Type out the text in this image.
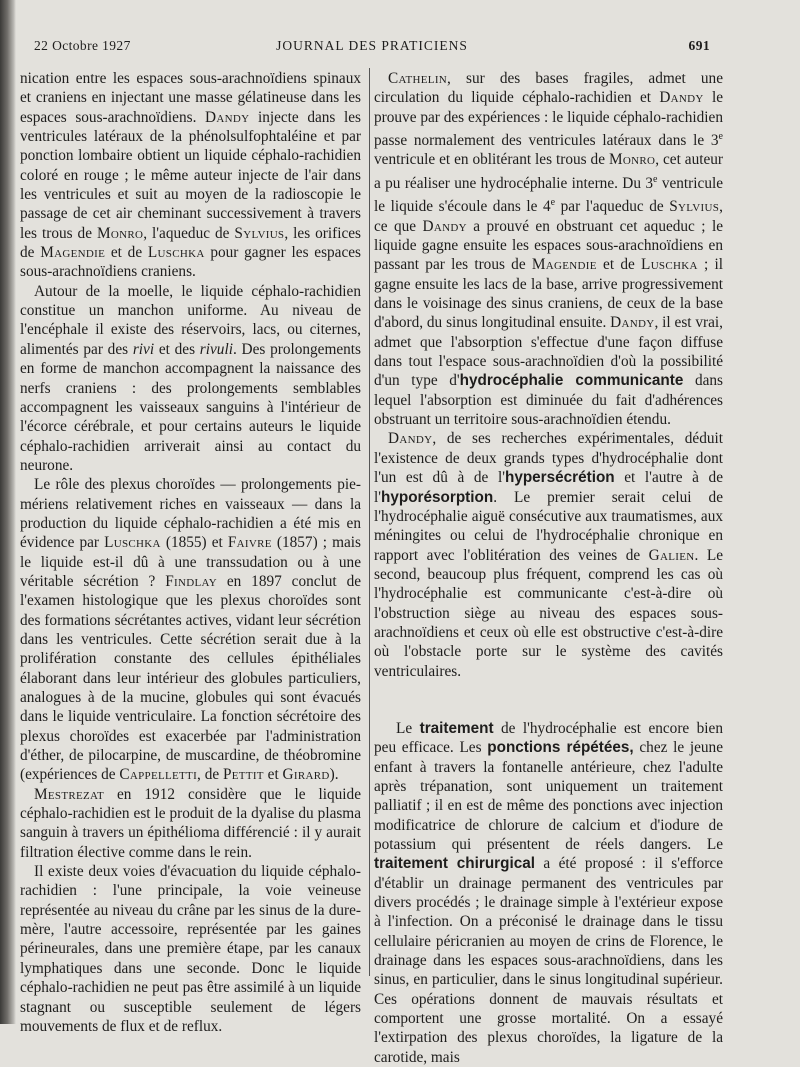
22 Octobre 1927	JOURNAL DES PRATICIENS	691

nication entre les espaces sous-arachnoïdiens spinaux et craniens en injectant une masse gélatineuse dans les espaces sous-arachnoïdiens. Dandy injecte dans les ventricules latéraux de la phénolsulfophtaléine et par ponction lombaire obtient un liquide céphalo-rachidien coloré en rouge ; le même auteur injecte de l'air dans les ventricules et suit au moyen de la radioscopie le passage de cet air cheminant successivement à travers les trous de Monro, l'aqueduc de Sylvius, les orifices de Magendie et de Luschka pour gagner les espaces sous-arachnoïdiens craniens.

Autour de la moelle, le liquide céphalo-rachidien constitue un manchon uniforme. Au niveau de l'encéphale il existe des réservoirs, lacs, ou citernes, alimentés par des rivi et des rivuli. Des prolongements en forme de manchon accompagnent la naissance des nerfs craniens : des prolongements semblables accompagnent les vaisseaux sanguins à l'intérieur de l'écorce cérébrale, et pour certains auteurs le liquide céphalo-rachidien arriverait ainsi au contact du neurone.

Le rôle des plexus choroïdes — prolongements pie-mériens relativement riches en vaisseaux — dans la production du liquide céphalo-rachidien a été mis en évidence par Luschka (1855) et Faivre (1857) ; mais le liquide est-il dû à une transsudation ou à une véritable sécrétion ? Findlay en 1897 conclut de l'examen histologique que les plexus choroïdes sont des formations sécrétantes actives, vidant leur sécrétion dans les ventricules. Cette sécrétion serait due à la prolifération constante des cellules épithéliales élaborant dans leur intérieur des globules particuliers, analogues à de la mucine, globules qui sont évacués dans le liquide ventriculaire. La fonction sécrétoire des plexus choroïdes est exacerbée par l'administration d'éther, de pilocarpine, de muscardine, de théobromine (expériences de Cappelletti, de Pettit et Girard).

Mestrezat en 1912 considère que le liquide céphalo-rachidien est le produit de la dyalise du plasma sanguin à travers un épithélioma différencié : il y aurait filtration élective comme dans le rein.

Il existe deux voies d'évacuation du liquide céphalo-rachidien : l'une principale, la voie veineuse représentée au niveau du crâne par les sinus de la dure-mère, l'autre accessoire, représentée par les gaines périneurales, dans une première étape, par les canaux lymphatiques dans une seconde. Donc le liquide céphalo-rachidien ne peut pas être assimilé à un liquide stagnant ou susceptible seulement de légers mouvements de flux et de reflux.

Cathelin, sur des bases fragiles, admet une circulation du liquide céphalo-rachidien et Dandy le prouve par des expériences : le liquide céphalo-rachidien passe normalement des ventricules latéraux dans le 3e ventricule et en oblitérant les trous de Monro, cet auteur a pu réaliser une hydrocéphalie interne. Du 3e ventricule le liquide s'écoule dans le 4e par l'aqueduc de Sylvius, ce que Dandy a prouvé en obstruant cet aqueduc ; le liquide gagne ensuite les espaces sous-arachnoïdiens en passant par les trous de Magendie et de Luschka ; il gagne ensuite les lacs de la base, arrive progressivement dans le voisinage des sinus craniens, de ceux de la base d'abord, du sinus longitudinal ensuite. Dandy, il est vrai, admet que l'absorption s'effectue d'une façon diffuse dans tout l'espace sous-arachnoïdien d'où la possibilité d'un type d'hydrocéphalie communicante dans lequel l'absorption est diminuée du fait d'adhérences obstruant un territoire sous-arachnoïdien étendu.

Dandy, de ses recherches expérimentales, déduit l'existence de deux grands types d'hydrocéphalie dont l'un est dû à de l'hypersécrétion et l'autre à de l'hyporésorption. Le premier serait celui de l'hydrocéphalie aiguë consécutive aux traumatismes, aux méningites ou celui de l'hydrocéphalie chronique en rapport avec l'oblitération des veines de Galien. Le second, beaucoup plus fréquent, comprend les cas où l'hydrocéphalie est communicante c'est-à-dire où l'obstruction siège au niveau des espaces sous-arachnoïdiens et ceux où elle est obstructive c'est-à-dire où l'obstacle porte sur le système des cavités ventriculaires.

Le traitement de l'hydrocéphalie est encore bien peu efficace. Les ponctions répétées, chez le jeune enfant à travers la fontanelle antérieure, chez l'adulte après trépanation, sont uniquement un traitement palliatif ; il en est de même des ponctions avec injection modificatrice de chlorure de calcium et d'iodure de potassium qui présentent de réels dangers. Le traitement chirurgical a été proposé : il s'efforce d'établir un drainage permanent des ventricules par divers procédés ; le drainage simple à l'extérieur expose à l'infection. On a préconisé le drainage dans le tissu cellulaire péricranien au moyen de crins de Florence, le drainage dans les espaces sous-arachnoïdiens, dans les sinus, en particulier, dans le sinus longitudinal supérieur. Ces opérations donnent de mauvais résultats et comportent une grosse mortalité. On a essayé l'extirpation des plexus choroïdes, la ligature de la carotide, mais
